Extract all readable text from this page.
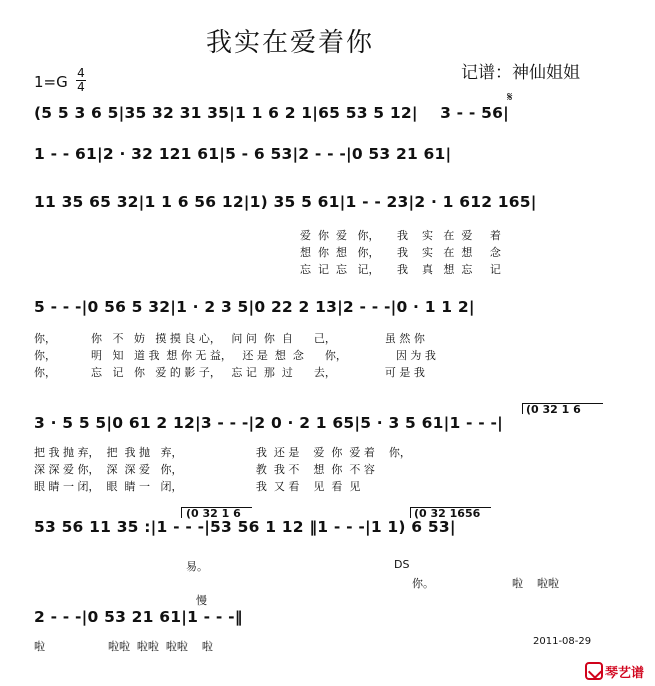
我实在爱着你
记谱：神仙姐姐
1=G 4
4
𝄋
(5 5 3 6 5|35 32 31 35|1 1 6 2 1|65 53 5 12|    3 - - 56|
1 - - 61|2 · 32 121 61|5 - 6 53|2 - - -|0 53 21 61|
11 35 65 32|1 1 6 56 12|1) 35 5 61|1 - - 23|2 · 1 612 165|
爱  你  爱   你，     我    实   在  爱     着
想  你  想   你，     我    实   在  想     念
忘  记  忘   记，     我    真   想  忘     记
5 - - -|0 56 5 32|1 · 2 3 5|0 22 2 13|2 - - -|0 · 1 1 2|
你，          你   不   妨   摸 摸 良 心，   问 问  你  自      己，              虽 然 你
你，          明   知   道 我  想 你 无 益，   还 是  想  念      你，              因 为 我
你，          忘   记   你   爱 的 影 子，   忘 记  那  过      去，              可 是 我
(0 32 1 6
3 · 5 5 5|0 61 2 12|3 - - -|2 0 · 2 1 65|5 · 3 5 61|1 - - -|
把 我 抛 弃，  把  我 抛   弃，                     我  还 是    爱  你  爱 着    你，
深 深 爱 你，  深  深 爱   你，                     教  我 不    想  你  不 容
眼 睛 一 闭，  眼  睛 一   闭，                     我  又 看    见  看  见
(0 32 1 6	(0 32 1656
53 56 11 35 :|1 - - -|53 56 1 12 ‖1 - - -|1 1) 6 53|
易。	DS
你。	啦    啦啦
慢
2 - - -|0 53 21 61|1 - - -‖
啦                  啦啦  啦啦  啦啦    啦	2011-08-29
琴艺谱
